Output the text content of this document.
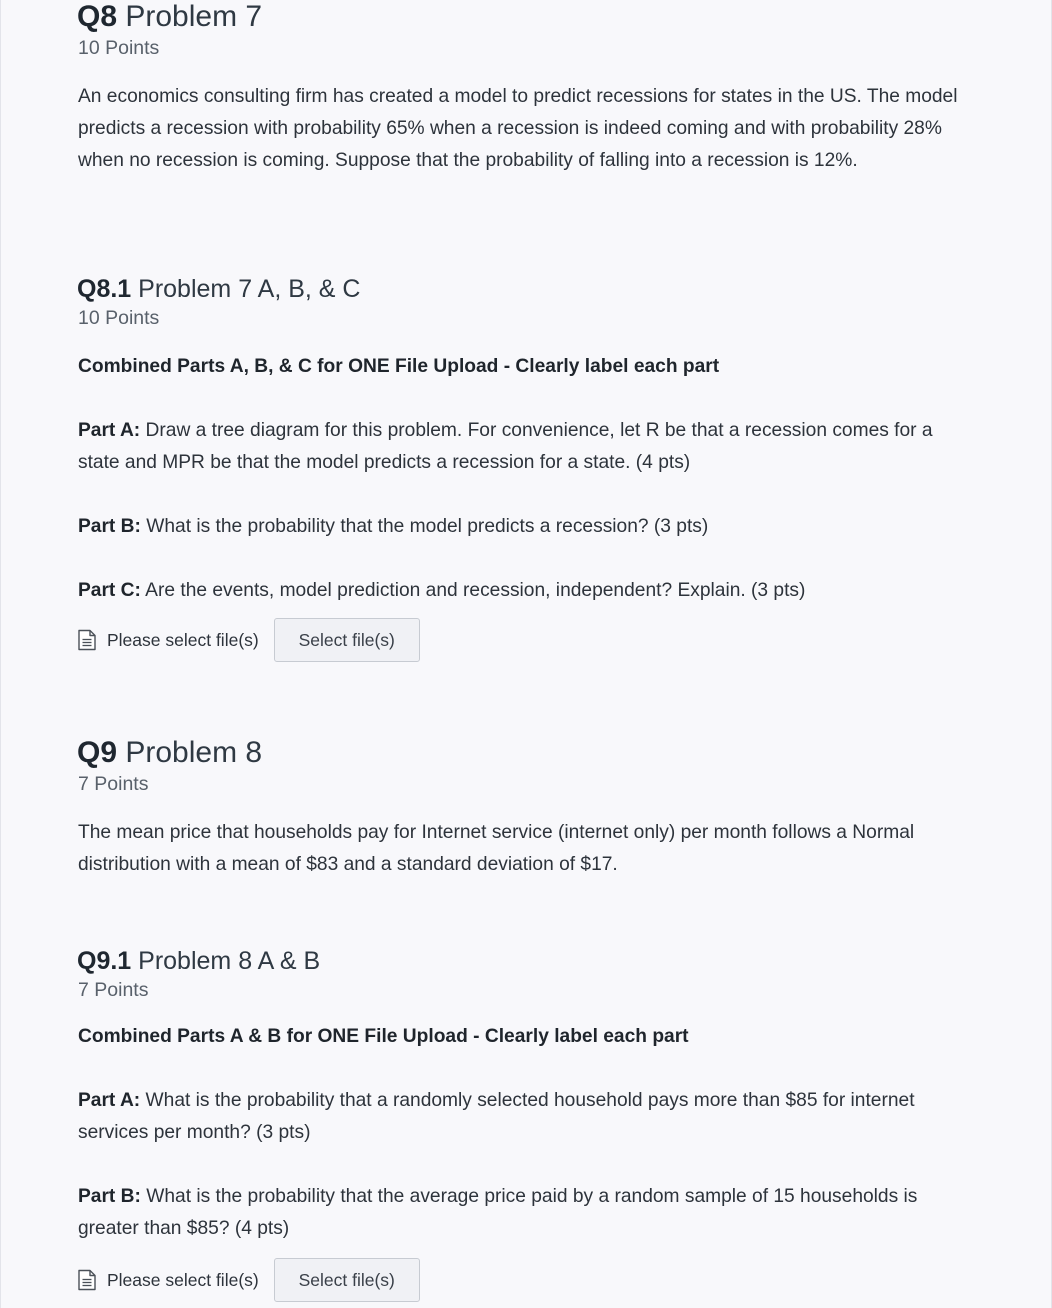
Q8 Problem 7
10 Points

An economics consulting firm has created a model to predict recessions for states in the US. The model predicts a recession with probability 65% when a recession is indeed coming and with probability 28% when no recession is coming. Suppose that the probability of falling into a recession is 12%.

Q8.1 Problem 7 A, B, & C
10 Points

Combined Parts A, B, & C for ONE File Upload - Clearly label each part

Part A: Draw a tree diagram for this problem. For convenience, let R be that a recession comes for a state and MPR be that the model predicts a recession for a state. (4 pts)

Part B: What is the probability that the model predicts a recession? (3 pts)

Part C: Are the events, model prediction and recession, independent? Explain. (3 pts)

Please select file(s)	Select file(s)
Q9 Problem 8
7 Points

The mean price that households pay for Internet service (internet only) per month follows a Normal distribution with a mean of $83 and a standard deviation of $17.

Q9.1 Problem 8 A & B
7 Points

Combined Parts A & B for ONE File Upload - Clearly label each part

Part A: What is the probability that a randomly selected household pays more than $85 for internet services per month? (3 pts)

Part B: What is the probability that the average price paid by a random sample of 15 households is greater than $85? (4 pts)

Please select file(s)	Select file(s)
